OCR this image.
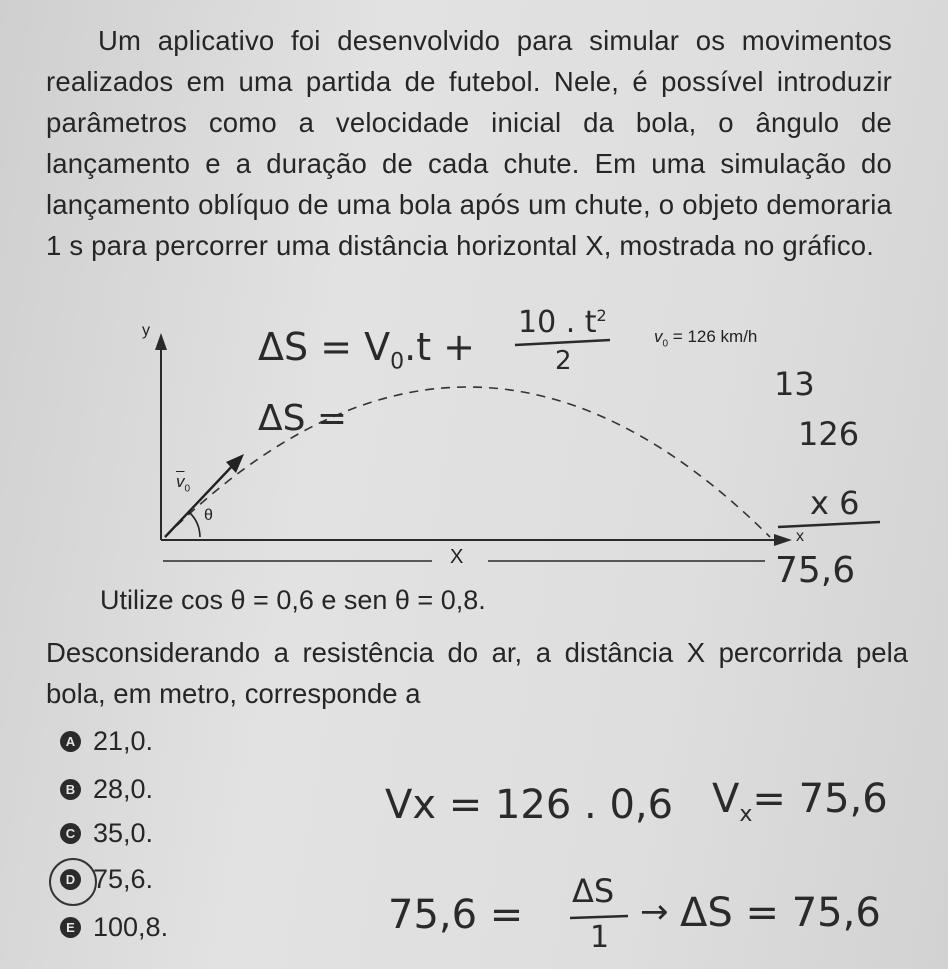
Um aplicativo foi desenvolvido para simular os movimentos realizados em uma partida de futebol. Nele, é possível introduzir parâmetros como a velocidade inicial da bola, o ângulo de lançamento e a duração de cada chute. Em uma simulação do lançamento oblíquo de uma bola após um chute, o objeto demoraria 1 s para percorrer uma distância horizontal X, mostrada no gráfico.
y
x
$v_0 = 126$ km/h
$\overline{v}_0$
θ
X
$\Delta S = V_0.t$ +
10 . $t^2$
2
ΔS =
13
126
x 6
75,6
Utilize cos θ = 0,6 e sen θ = 0,8.
Desconsiderando a resistência do ar, a distância X percorrida pela bola, em metro, corresponde a
A 21,0.
B 28,0.
C 35,0.
D 75,6.
E 100,8.
Vx = 126 . 0,6 $V_x= 75,6$
75,6 =
ΔS
1
→ ΔS = 75,6
